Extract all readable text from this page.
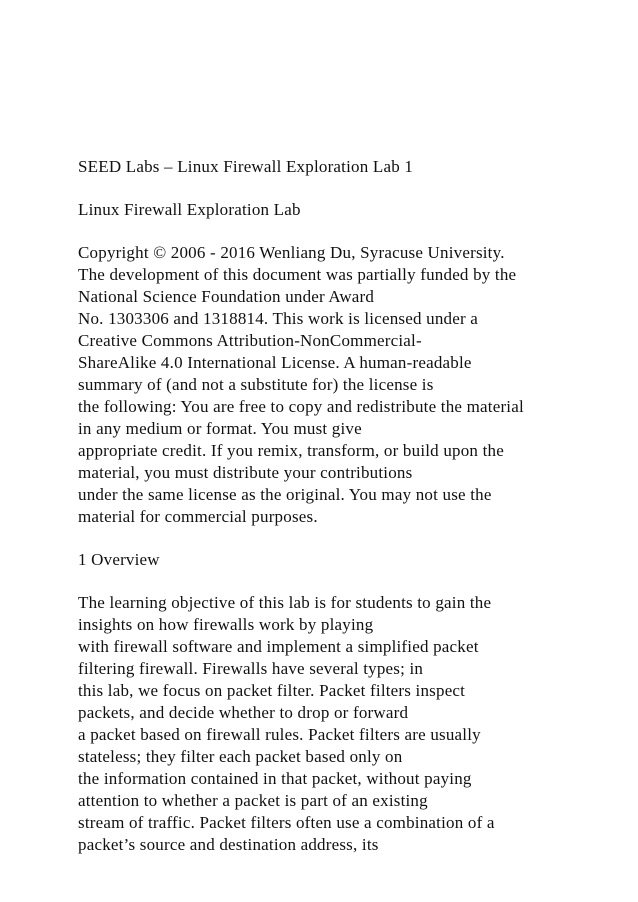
SEED Labs – Linux Firewall Exploration Lab 1
Linux Firewall Exploration Lab
Copyright © 2006 - 2016 Wenliang Du, Syracuse University.
The development of this document was partially funded by the
National Science Foundation under Award
No. 1303306 and 1318814. This work is licensed under a
Creative Commons Attribution-NonCommercial-
ShareAlike 4.0 International License. A human-readable
summary of (and not a substitute for) the license is
the following: You are free to copy and redistribute the material
in any medium or format. You must give
appropriate credit. If you remix, transform, or build upon the
material, you must distribute your contributions
under the same license as the original. You may not use the
material for commercial purposes.
1 Overview
The learning objective of this lab is for students to gain the
insights on how firewalls work by playing
with firewall software and implement a simplified packet
filtering firewall. Firewalls have several types; in
this lab, we focus on packet filter. Packet filters inspect
packets, and decide whether to drop or forward
a packet based on firewall rules. Packet filters are usually
stateless; they filter each packet based only on
the information contained in that packet, without paying
attention to whether a packet is part of an existing
stream of traffic. Packet filters often use a combination of a
packet’s source and destination address, its
